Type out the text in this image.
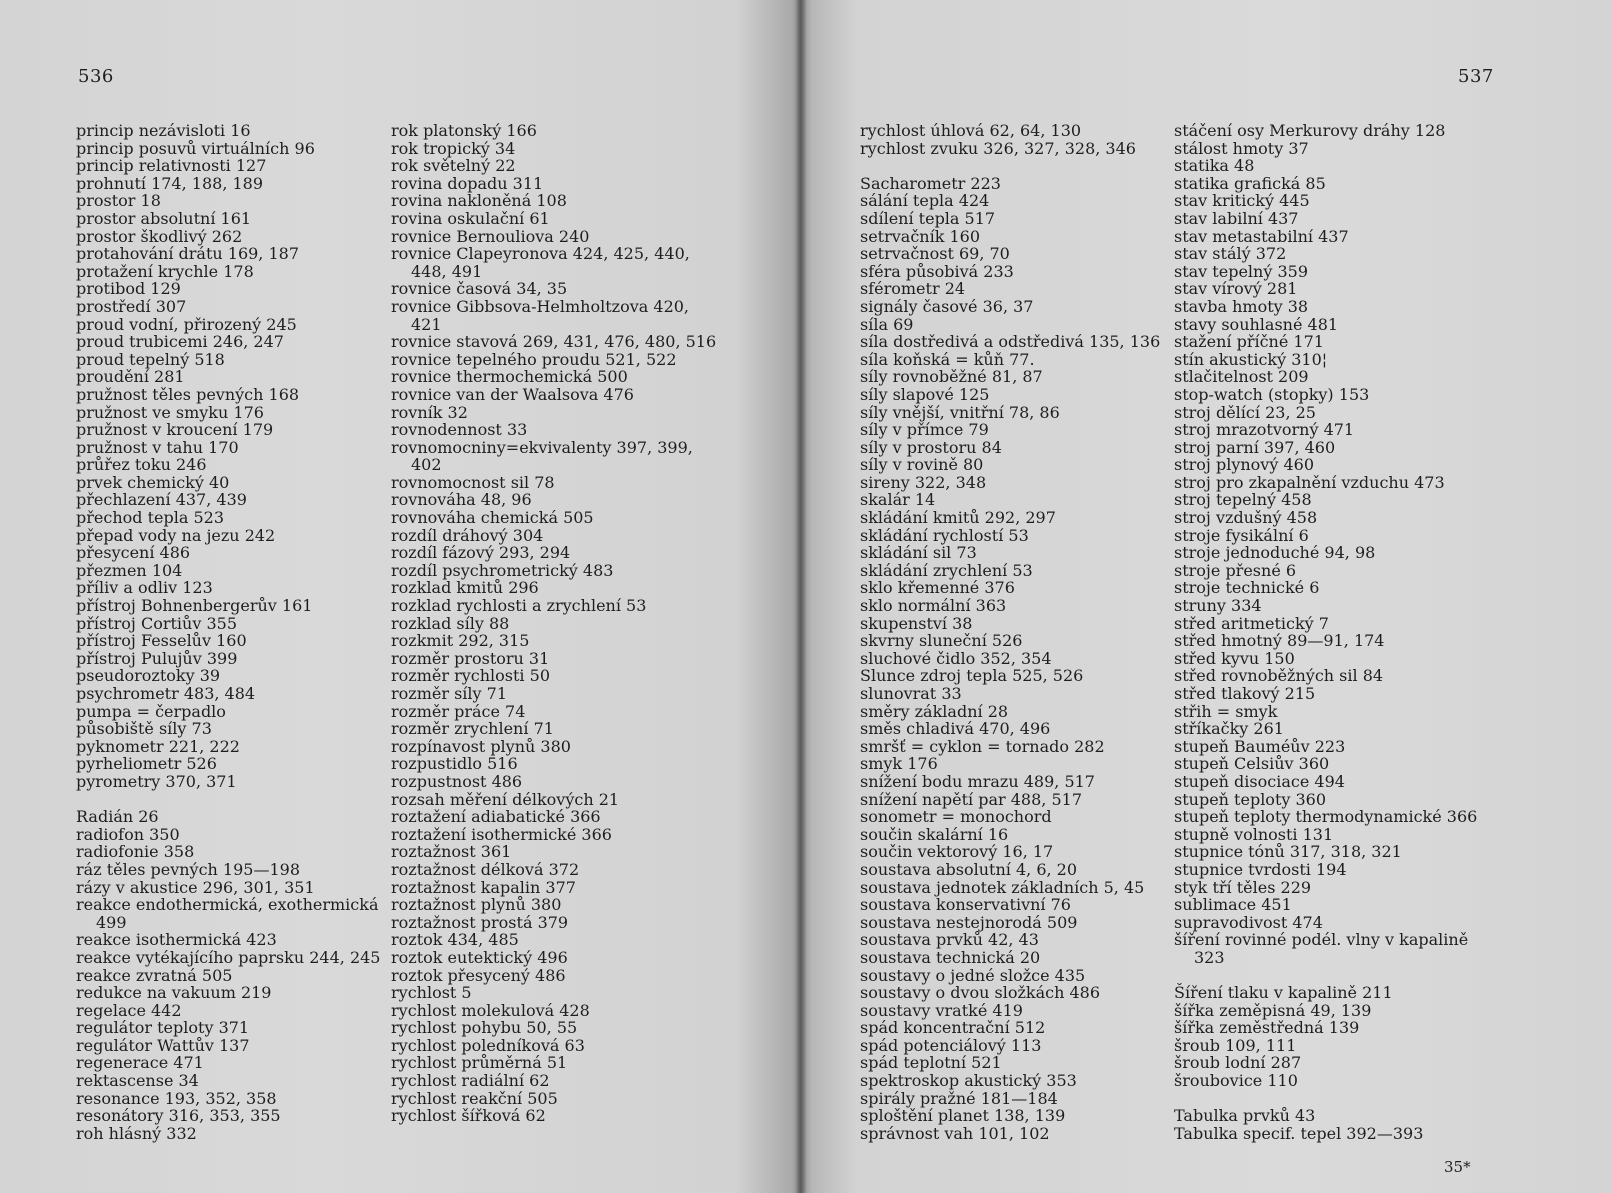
536
princip nezávisloti 16
princip posuvů virtuálních 96
princip relativnosti 127
prohnutí 174, 188, 189
prostor 18
prostor absolutní 161
prostor škodlivý 262
protahování drátu 169, 187
protažení krychle 178
protibod 129
prostředí 307
proud vodní, přirozený 245
proud trubicemi 246, 247
proud tepelný 518
proudění 281
pružnost těles pevných 168
pružnost ve smyku 176
pružnost v kroucení 179
pružnost v tahu 170
průřez toku 246
prvek chemický 40
přechlazení 437, 439
přechod tepla 523
přepad vody na jezu 242
přesycení 486
přezmen 104
příliv a odliv 123
přístroj Bohnenbergerův 161
přístroj Cortiův 355
přístroj Fesselův 160
přístroj Pulujův 399
pseudoroztoky 39
psychrometr 483, 484
pumpa = čerpadlo
působiště síly 73
pyknometr 221, 222
pyrheliometr 526
pyrometry 370, 371
Radián 26
radiofon 350
radiofonie 358
ráz těles pevných 195—198
rázy v akustice 296, 301, 351
reakce endothermická, exothermická
499
reakce isothermická 423
reakce vytékajícího paprsku 244, 245
reakce zvratná 505
redukce na vakuum 219
regelace 442
regulátor teploty 371
regulátor Wattův 137
regenerace 471
rektascense 34
resonance 193, 352, 358
resonátory 316, 353, 355
roh hlásný 332
rok platonský 166
rok tropický 34
rok světelný 22
rovina dopadu 311
rovina nakloněná 108
rovina oskulační 61
rovnice Bernouliova 240
rovnice Clapeyronova 424, 425, 440,
448, 491
rovnice časová 34, 35
rovnice Gibbsova-Helmholtzova 420,
421
rovnice stavová 269, 431, 476, 480, 516
rovnice tepelného proudu 521, 522
rovnice thermochemická 500
rovnice van der Waalsova 476
rovník 32
rovnodennost 33
rovnomocniny=ekvivalenty 397, 399,
402
rovnomocnost sil 78
rovnováha 48, 96
rovnováha chemická 505
rozdíl dráhový 304
rozdíl fázový 293, 294
rozdíl psychrometrický 483
rozklad kmitů 296
rozklad rychlosti a zrychlení 53
rozklad síly 88
rozkmit 292, 315
rozměr prostoru 31
rozměr rychlosti 50
rozměr síly 71
rozměr práce 74
rozměr zrychlení 71
rozpínavost plynů 380
rozpustidlo 516
rozpustnost 486
rozsah měření délkových 21
roztažení adiabatické 366
roztažení isothermické 366
roztažnost 361
roztažnost délková 372
roztažnost kapalin 377
roztažnost plynů 380
roztažnost prostá 379
roztok 434, 485
roztok eutektický 496
roztok přesycený 486
rychlost 5
rychlost molekulová 428
rychlost pohybu 50, 55
rychlost poledníková 63
rychlost průměrná 51
rychlost radiální 62
rychlost reakční 505
rychlost šířková 62
537
rychlost úhlová 62, 64, 130
rychlost zvuku 326, 327, 328, 346
Sacharometr 223
sálání tepla 424
sdílení tepla 517
setrvačník 160
setrvačnost 69, 70
sféra působivá 233
sférometr 24
signály časové 36, 37
síla 69
síla dostředivá a odstředivá 135, 136
síla koňská = kůň 77.
síly rovnoběžné 81, 87
síly slapové 125
síly vnější, vnitřní 78, 86
síly v přímce 79
síly v prostoru 84
síly v rovině 80
sireny 322, 348
skalár 14
skládání kmitů 292, 297
skládání rychlostí 53
skládání sil 73
skládání zrychlení 53
sklo křemenné 376
sklo normální 363
skupenství 38
skvrny sluneční 526
sluchové čidlo 352, 354
Slunce zdroj tepla 525, 526
slunovrat 33
směry základní 28
směs chladivá 470, 496
smršť = cyklon = tornado 282
smyk 176
snížení bodu mrazu 489, 517
snížení napětí par 488, 517
sonometr = monochord
součin skalární 16
součin vektorový 16, 17
soustava absolutní 4, 6, 20
soustava jednotek základních 5, 45
soustava konservativní 76
soustava nestejnorodá 509
soustava prvků 42, 43
soustava technická 20
soustavy o jedné složce 435
soustavy o dvou složkách 486
soustavy vratké 419
spád koncentrační 512
spád potenciálový 113
spád teplotní 521
spektroskop akustický 353
spirály pražné 181—184
sploštění planet 138, 139
správnost vah 101, 102
stáčení osy Merkurovy dráhy 128
stálost hmoty 37
statika 48
statika grafická 85
stav kritický 445
stav labilní 437
stav metastabilní 437
stav stálý 372
stav tepelný 359
stav vírový 281
stavba hmoty 38
stavy souhlasné 481
stažení příčné 171
stín akustický 310¦
stlačitelnost 209
stop-watch (stopky) 153
stroj dělící 23, 25
stroj mrazotvorný 471
stroj parní 397, 460
stroj plynový 460
stroj pro zkapalnění vzduchu 473
stroj tepelný 458
stroj vzdušný 458
stroje fysikální 6
stroje jednoduché 94, 98
stroje přesné 6
stroje technické 6
struny 334
střed aritmetický 7
střed hmotný 89—91, 174
střed kyvu 150
střed rovnoběžných sil 84
střed tlakový 215
střih = smyk
stříkačky 261
stupeň Bauméův 223
stupeň Celsiův 360
stupeň disociace 494
stupeň teploty 360
stupeň teploty thermodynamické 366
stupně volnosti 131
stupnice tónů 317, 318, 321
stupnice tvrdosti 194
styk tří těles 229
sublimace 451
supravodivost 474
šíření rovinné podél. vlny v kapalině
323
Šíření tlaku v kapalině 211
šířka zeměpisná 49, 139
šířka zeměstředná 139
šroub 109, 111
šroub lodní 287
šroubovice 110
Tabulka prvků 43
Tabulka specif. tepel 392—393
35*
